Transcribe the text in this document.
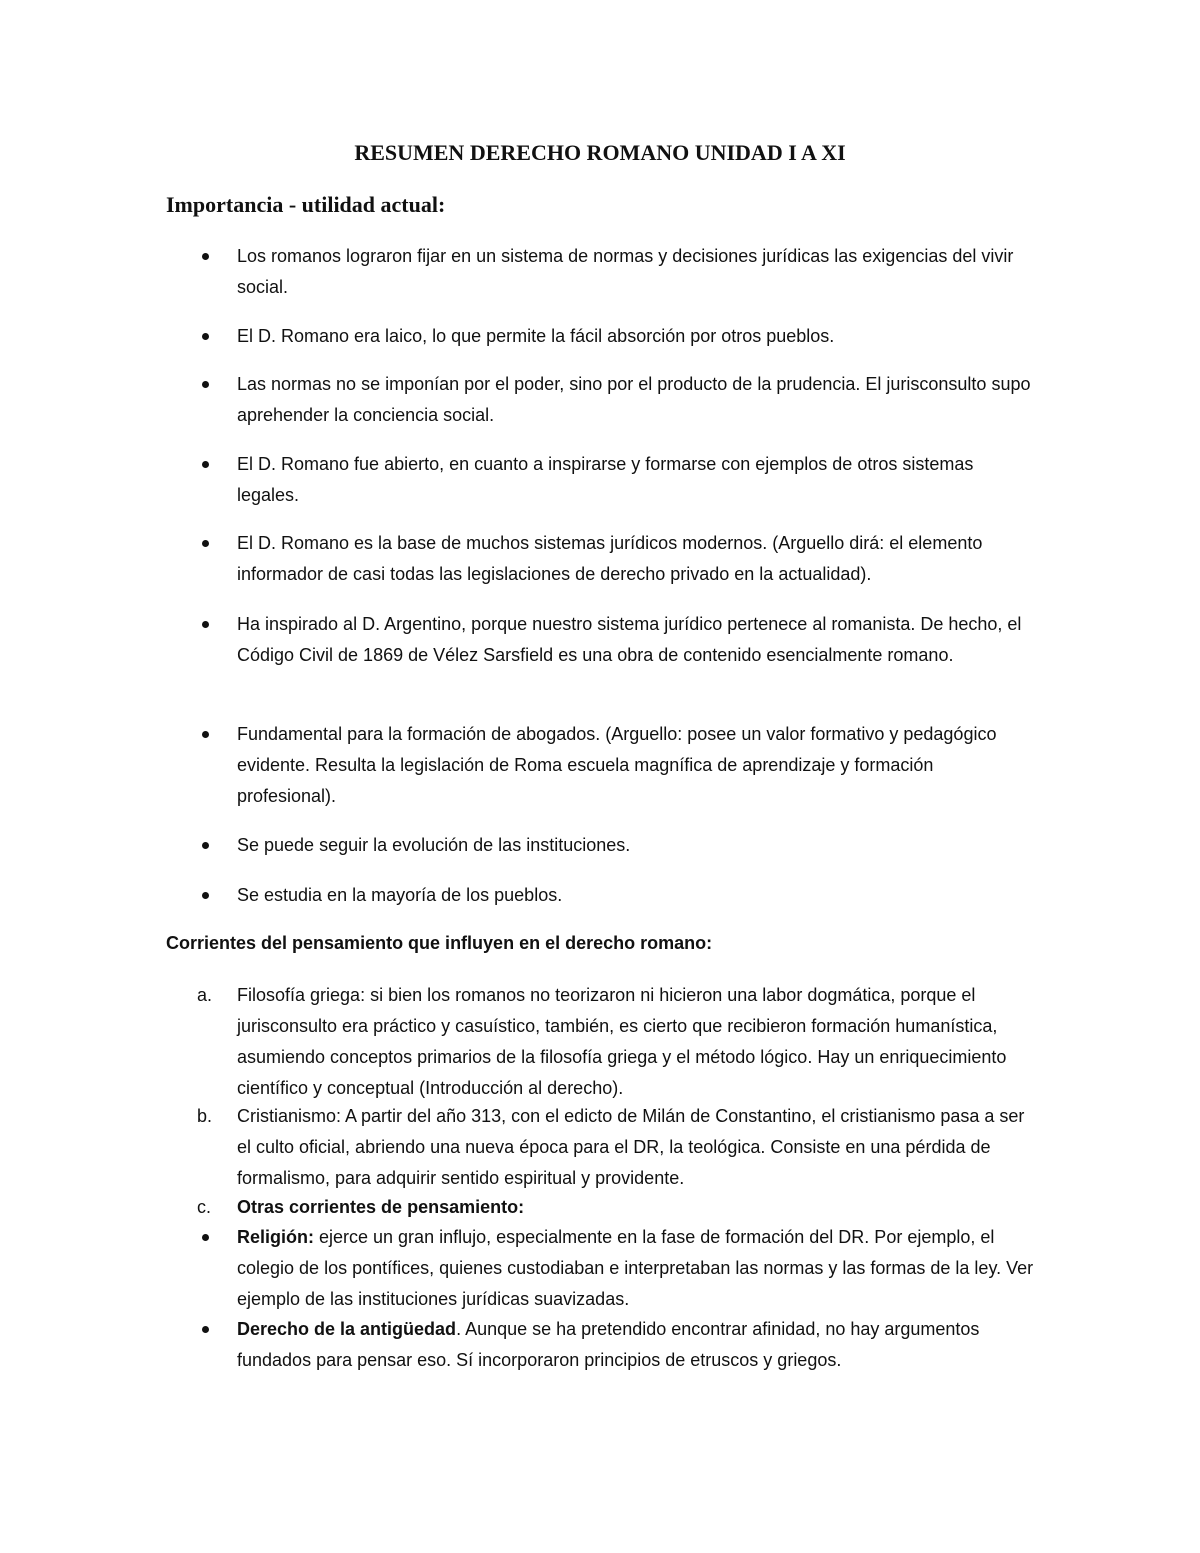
RESUMEN DERECHO ROMANO UNIDAD I A XI
Importancia - utilidad actual:
Los romanos lograron fijar en un sistema de normas y decisiones jurídicas las exigencias del vivir social.
El D. Romano era laico, lo que permite la fácil absorción por otros pueblos.
Las normas no se imponían por el poder, sino por el producto de la prudencia. El jurisconsulto supo aprehender la conciencia social.
El D. Romano fue abierto, en cuanto a inspirarse y formarse con ejemplos de otros sistemas legales.
El D. Romano es la base de muchos sistemas jurídicos modernos. (Arguello dirá: el elemento informador de casi todas las legislaciones de derecho privado en la actualidad).
Ha inspirado al D. Argentino, porque nuestro sistema jurídico pertenece al romanista. De hecho, el Código Civil de 1869 de Vélez Sarsfield es una obra de contenido esencialmente romano.
Fundamental para la formación de abogados. (Arguello: posee un valor formativo y pedagógico evidente. Resulta la legislación de Roma escuela magnífica de aprendizaje y formación profesional).
Se puede seguir la evolución de las instituciones.
Se estudia en la mayoría de los pueblos.
Corrientes del pensamiento que influyen en el derecho romano:
a.	Filosofía griega: si bien los romanos no teorizaron ni hicieron una labor dogmática, porque el jurisconsulto era práctico y casuístico, también, es cierto que recibieron formación humanística, asumiendo conceptos primarios de la filosofía griega y el método lógico. Hay un enriquecimiento científico y conceptual (Introducción al derecho).
b.	Cristianismo: A partir del año 313, con el edicto de Milán de Constantino, el cristianismo pasa a ser el culto oficial, abriendo una nueva época para el DR, la teológica. Consiste en una pérdida de formalismo, para adquirir sentido espiritual y providente.
c.	Otras corrientes de pensamiento:
Religión: ejerce un gran influjo, especialmente en la fase de formación del DR. Por ejemplo, el colegio de los pontífices, quienes custodiaban e interpretaban las normas y las formas de la ley. Ver ejemplo de las instituciones jurídicas suavizadas.
Derecho de la antigüedad. Aunque se ha pretendido encontrar afinidad, no hay argumentos fundados para pensar eso. Sí incorporaron principios de etruscos y griegos.
